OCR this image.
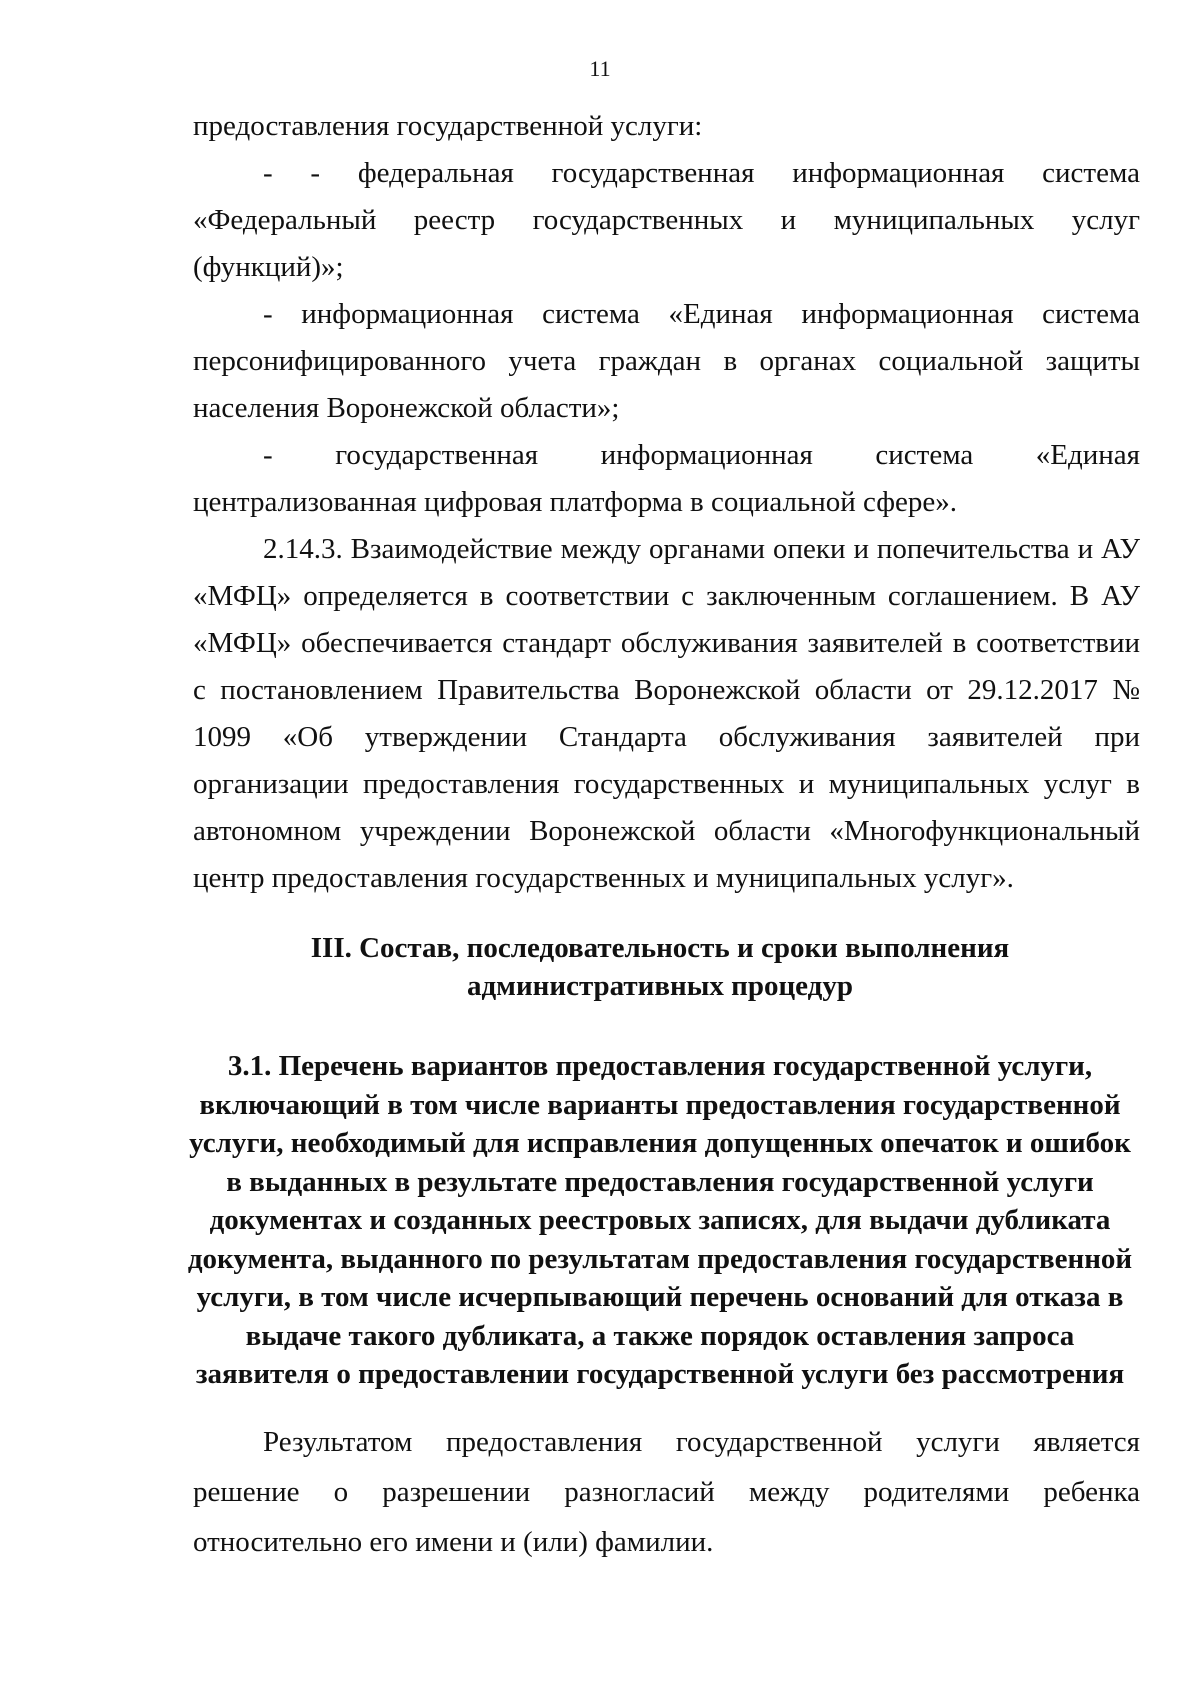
11

предоставления государственной услуги:

- - федеральная государственная информационная система «Федеральный реестр государственных и муниципальных услуг (функций)»;

- информационная система «Единая информационная система персонифицированного учета граждан в органах социальной защиты населения Воронежской области»;

- государственная информационная система «Единая централизованная цифровая платформа в социальной сфере».

2.14.3. Взаимодействие между органами опеки и попечительства и АУ «МФЦ» определяется в соответствии с заключенным соглашением. В АУ «МФЦ» обеспечивается стандарт обслуживания заявителей в соответствии с постановлением Правительства Воронежской области от 29.12.2017 № 1099 «Об утверждении Стандарта обслуживания заявителей при организации предоставления государственных и муниципальных услуг в автономном учреждении Воронежской области «Многофункциональный центр предоставления государственных и муниципальных услуг».

III. Состав, последовательность и сроки выполнения
административных процедур
3.1. Перечень вариантов предоставления государственной услуги,
включающий в том числе варианты предоставления государственной
услуги, необходимый для исправления допущенных опечаток и ошибок
в выданных в результате предоставления государственной услуги
документах и созданных реестровых записях, для выдачи дубликата
документа, выданного по результатам предоставления государственной
услуги, в том числе исчерпывающий перечень оснований для отказа в
выдаче такого дубликата, а также порядок оставления запроса
заявителя о предоставлении государственной услуги без рассмотрения

Результатом предоставления государственной услуги является решение о разрешении разногласий между родителями ребенка относительно его имени и (или) фамилии.
